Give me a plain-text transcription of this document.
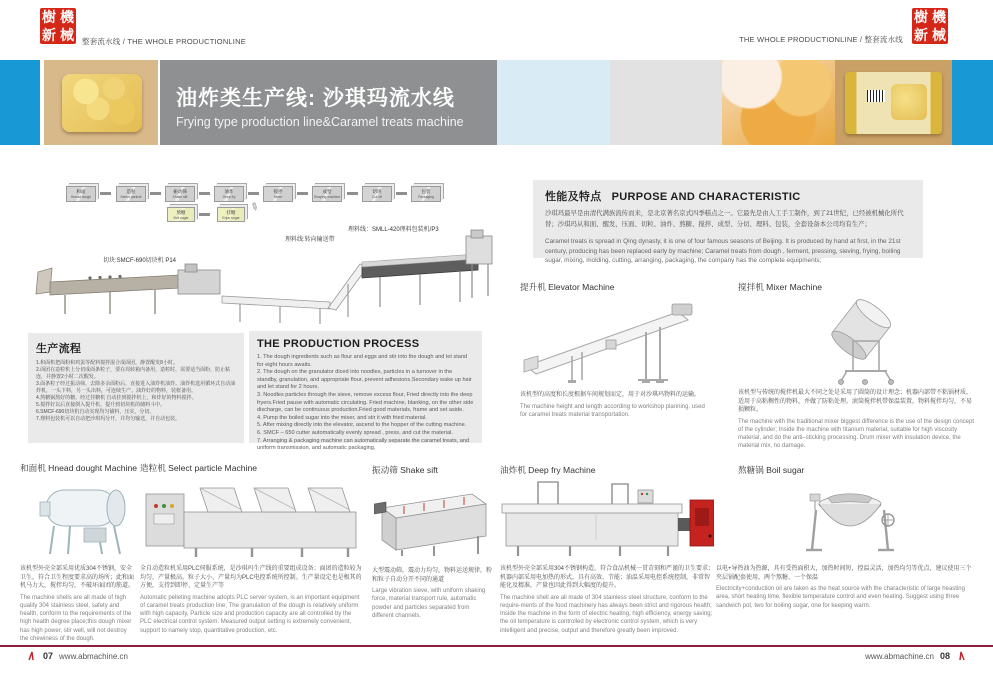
樹 機
新 械 整套流水线 / THE WHOLE PRODUCTIONLINE	THE WHOLE PRODUCTIONLINE / 整套流水线
樹 機
新 械
油炸类生产线: 沙琪玛流水线
Frying type production line&Caramel treats machine
和面
Hnead dough
造粒
Select particle
振动筛
Shake sift
油炸
Deep fry
搅拌
Mixer
成型
Shaping machine
切块
Cut off
包装
Packaging
熬糖
Boil sugar
挂糖
Enjar sugar
✎
切块:SMCF-690切块机 P14
理料线:转向输送带
理料线：SMLL-420理料包装机/P3
生产流程
1.和面机把面粉和鸡蛋等配料搅拌混合成面团，静置醒发8小时。
2.面团在造粒机上分切成面条粒子，要在周转箱内备用，造粒时，需要适当面粉，防止粘连，并静置2小时二次醒发。
3.面条粒子经过振动筛，去除多余面粉后，直接进入油炸机油炸。油炸机选用循环式自动油炸机，一头下料，另一头出料，可连续生产。油炸好的物料，装框备用。
4.熬糖锅熬好的糖，经过挂糖机 自动挂到搅拌机上，和炸好的物料搅拌。
5.搅拌好以后直接倒入提升机，提升到切块机的储料斗中。
6.SMCF-690切块机自动实现均匀铺料，压实，分切。
7.理料包装机可以自动把沙琪玛分开，并均匀输送，并自动包装。
THE PRODUCTION PROCESS
1. The dough ingredients such as flour and eggs and stir into the dough and let stand for eight hours awaits.
2. The dough on the granulator diced into noodles, particles in a turnover in the standby, granulation, and appropriate flour, prevent adhesions.Secondary wake up hair and let stand for 2 hours.
3. Noodles particles through the sieve, remove excess flour, Fried directly into the deep fryers.Fried pause with automatic circulating. Fried machine, blanking, on the other side discharge, can be continuous production.Fried good materials, frame and set aside.
4. Pump the boiled sugar into the mixer, and stir it with fried material.
5. After mixing directly into the elevator, ascend to the hopper of the cutting machine.
6. SMCF – 650 cutter automatically evenly spread , press, and cut the material.
7. Arranging & packaging machine can automatically separate the caramel treats, and uniform transmission, and automatic packaging.
性能及特点 PURPOSE AND CHARACTERISTIC
沙琪玛最早是由清代满族流传而来，是北京著名京式四季糕点之一。它最先是由人工手工制作，到了21世纪，已经被机械化所代替；沙琪玛从和面、醒发、压面、切粒、油炸、熬糖、搅拌、成型、分切、理料、包装，全套设备本公司均有生产；
Caramel treats is spread in Qing dynasty, it is one of four famous seasons of Beijing. It is produced by hand at first, in the 21st century, producing has been replaced early by machine; Caramel treats from dough , ferment, pressing, sieving, frying, boiling sugar, mixing, molding, cutting, arranging, packaging, the company has the complete equipments;
提升机 Elevator Machine
该机型的高度和长度根据车间规划而定，用于对沙琪玛物料的运输。
The machine height and length according to workshop planning, used for caramel treats material transportation.
搅拌机 Mixer Machine
该机型与传统的搅拌机最大不同之处是采用了圆筒的设计理念；机器内部带不粘锅材质，适用于高粘稠性的物料，并做了防粘处理。滚筒搅拌机带保温装置，物料搅拌均匀，不易损颗粒。
The machine with the traditional mixer biggest difference is the use of the design concept of the cylinder; Inside the machine with titanium material, suitable for high viscosity material, and do the anti–sticking processing. Drum mixer with insulation device, the material mix, no damage.
和面机 Hnead dought Machine
该机型外壳全部采用优质304不锈钢，安全卫生，符合卫生程度要求高的场所；此和面机马力大，搅拌均匀，不破坏面团的筋道。
The machine shells are all made of high quality 304 stainless steel, safety and health, conform to the requirements of the high health degree place;this dough mixer has high power, stir well, will not destroy the chewiness of the dough.
造粒机 Select particle Machine
全自动造粒机采用PLC伺服系统，是沙琪玛生产线的重要组成设备；面团的造粒较为均匀，产量极高。粒子大小、产量均为PLC电控系统所控制。生产量设定也是极其的方便，支持到即停、定量生产等
Automatic pelleting machine adopts PLC server system, is an important equipment of caramel treats production line; The granulation of the dough is relatively uniform with high capacity, Particle size and production capacity are all controlled by the PLC electrical control system. Measured output setting is extremely convenient, support to namely stop, quantitative production, etc.
振动筛 Shake sift
大型震动筛，震动力均匀，物料运送规律，粉和粒子自动分开不同的通道
Large vibration sieve, with uniform shaking force, material transport rule, automatic powder and particles separated from different channels.
油炸机 Deep fry Machine
该机型外壳全部采用304不锈钢构造，符合食品机械一贯苛刻和严谨的卫生要求；机器内部采用电加热的形式，具有高效、节能；油温采用电控系统控制，非常智能化及精准，产量也因此得到大幅度的提升。
The machine shell are all made of 304 stainless steel structure, conform to the require-ments of the food machinery has always been strict and rigorous health; Inside the machine in the form of electric heating, high efficiency, energy saving; the oil temperature is controlled by electronic control system, which is very intelligent and precise, output and therefore greatly been improved.
熬糖锅 Boil sugar
以电+导热油为热源，具有受热面积大，加热时间短，控温灵活，加热均匀等优点，建议使用三个夹层锅配套使用，两个熬糖、一个保温
Electricity+conduction oil are taken as the heat source with the characteristic of large heasting area, short heating time, flexible temperature control and even heating. Suggest using three sandwich pot, two for boiling sugar, one for keeping warm.
07 www.abmachine.cn	www.abmachine.cn 08
